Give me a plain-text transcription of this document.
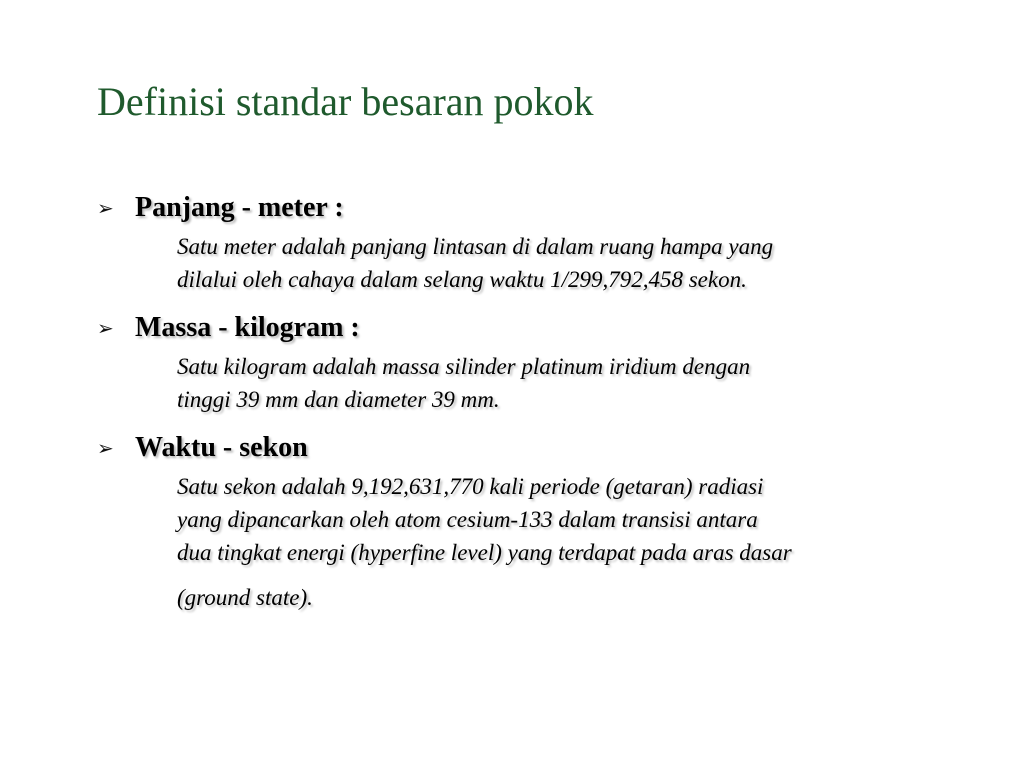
Definisi standar besaran pokok
➢ Panjang - meter :
Satu meter adalah panjang lintasan di dalam ruang hampa yang
dilalui oleh cahaya dalam selang waktu 1/299,792,458 sekon.
➢ Massa - kilogram :
Satu kilogram adalah massa silinder platinum iridium dengan
tinggi 39 mm dan diameter 39 mm.
➢ Waktu - sekon
Satu sekon adalah 9,192,631,770 kali periode (getaran) radiasi
yang dipancarkan oleh atom cesium-133 dalam transisi antara
dua tingkat energi (hyperfine level) yang terdapat pada aras dasar
(ground state).
